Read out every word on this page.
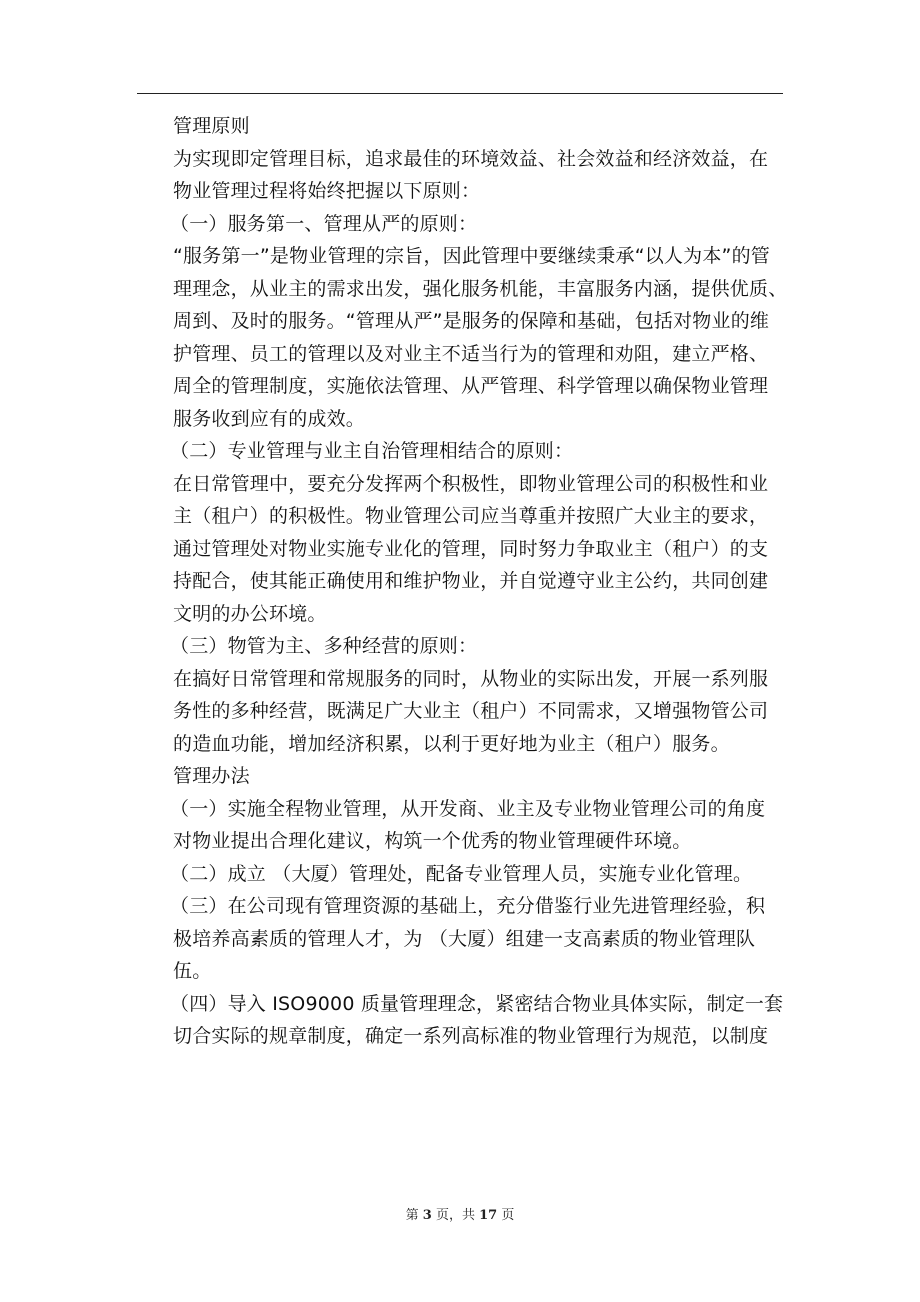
管理原则
为实现即定管理目标，追求最佳的环境效益、社会效益和经济效益，在
物业管理过程将始终把握以下原则：
（一）服务第一、管理从严的原则：
“服务第一”是物业管理的宗旨，因此管理中要继续秉承“以人为本”的管
理理念，从业主的需求出发，强化服务机能，丰富服务内涵，提供优质、
周到、及时的服务。“管理从严”是服务的保障和基础，包括对物业的维
护管理、员工的管理以及对业主不适当行为的管理和劝阻，建立严格、
周全的管理制度，实施依法管理、从严管理、科学管理以确保物业管理
服务收到应有的成效。
（二）专业管理与业主自治管理相结合的原则：
在日常管理中，要充分发挥两个积极性，即物业管理公司的积极性和业
主（租户）的积极性。物业管理公司应当尊重并按照广大业主的要求，
通过管理处对物业实施专业化的管理，同时努力争取业主（租户）的支
持配合，使其能正确使用和维护物业，并自觉遵守业主公约，共同创建
文明的办公环境。
（三）物管为主、多种经营的原则：
在搞好日常管理和常规服务的同时，从物业的实际出发，开展一系列服
务性的多种经营，既满足广大业主（租户）不同需求，又增强物管公司
的造血功能，增加经济积累，以利于更好地为业主（租户）服务。
管理办法
（一）实施全程物业管理，从开发商、业主及专业物业管理公司的角度
对物业提出合理化建议，构筑一个优秀的物业管理硬件环境。
（二）成立 （大厦）管理处，配备专业管理人员，实施专业化管理。
（三）在公司现有管理资源的基础上，充分借鉴行业先进管理经验，积
极培养高素质的管理人才，为 （大厦）组建一支高素质的物业管理队
伍。
（四）导入 ISO9000 质量管理理念，紧密结合物业具体实际，制定一套
切合实际的规章制度，确定一系列高标准的物业管理行为规范，以制度
第 3 页，共 17 页
